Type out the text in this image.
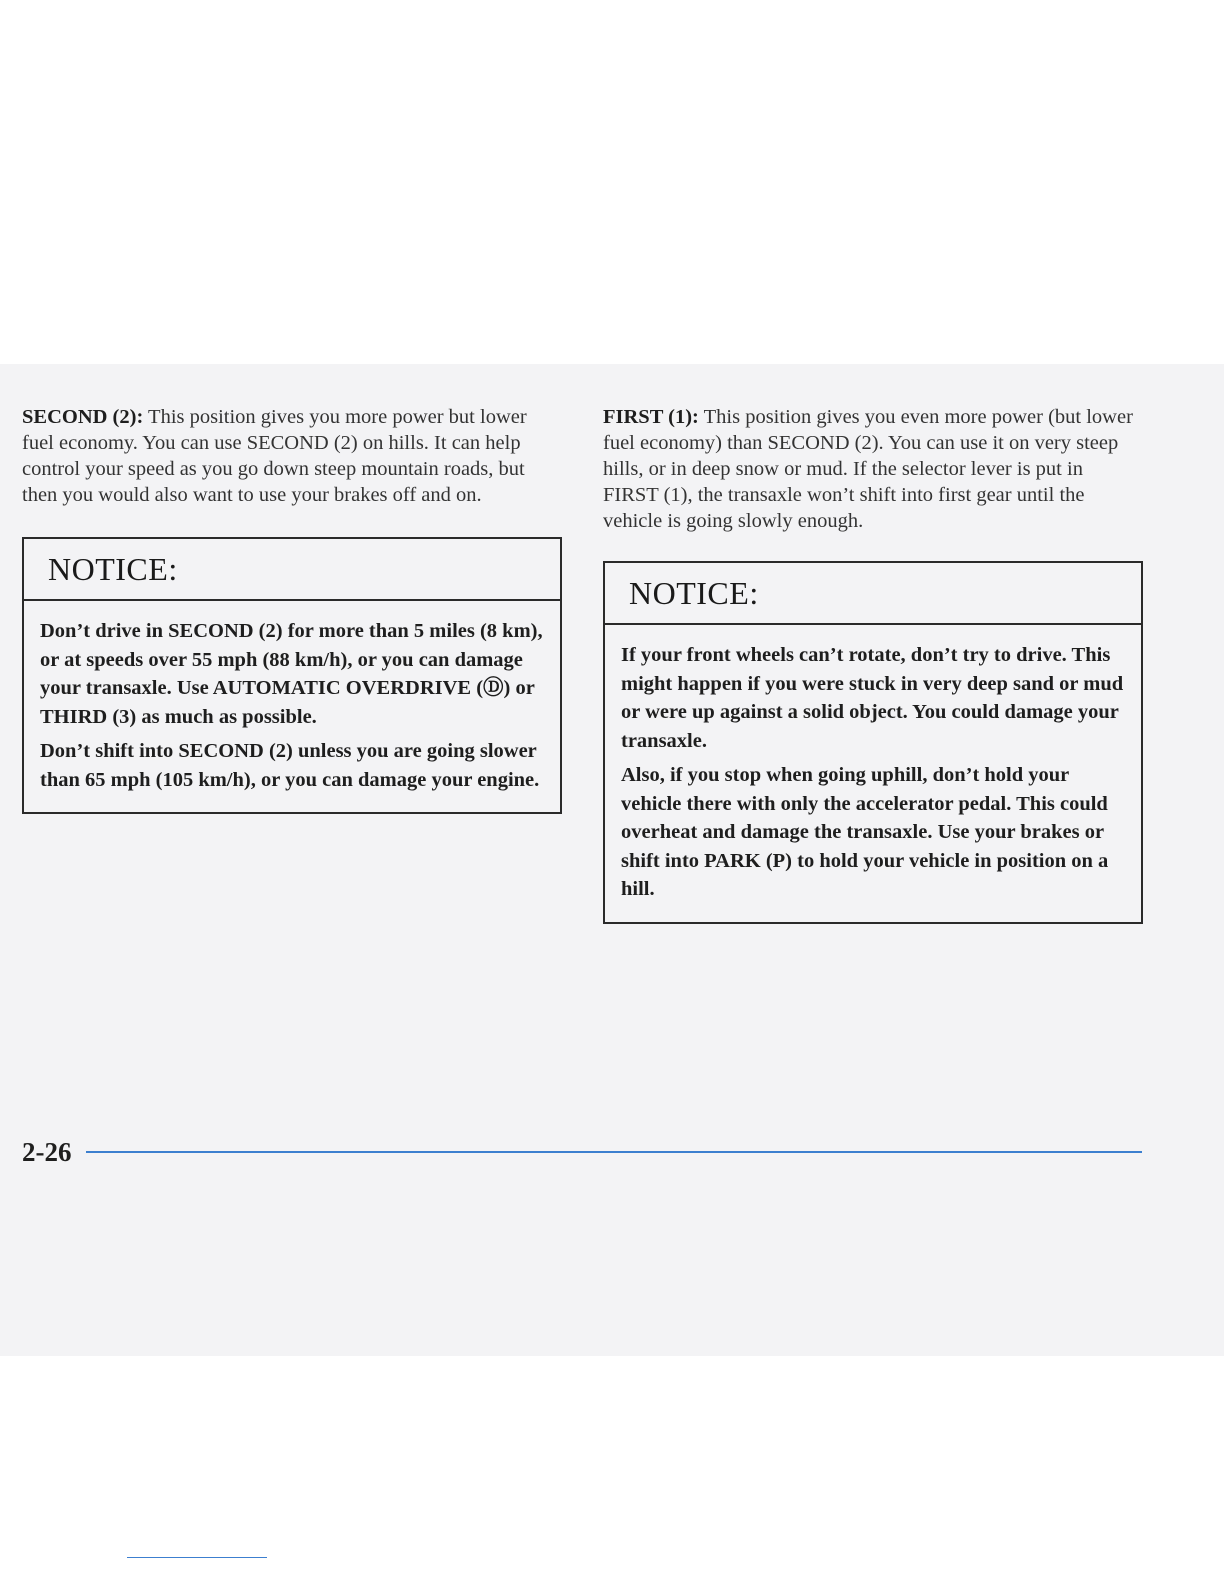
SECOND (2): This position gives you more power but lower fuel economy. You can use SECOND (2) on hills. It can help control your speed as you go down steep mountain roads, but then you would also want to use your brakes off and on.

NOTICE:

Don’t drive in SECOND (2) for more than 5 miles (8 km), or at speeds over 55 mph (88 km/h), or you can damage your transaxle. Use AUTOMATIC OVERDRIVE (Ⓓ) or THIRD (3) as much as possible.

Don’t shift into SECOND (2) unless you are going slower than 65 mph (105 km/h), or you can damage your engine.

FIRST (1): This position gives you even more power (but lower fuel economy) than SECOND (2). You can use it on very steep hills, or in deep snow or mud. If the selector lever is put in FIRST (1), the transaxle won’t shift into first gear until the vehicle is going slowly enough.

NOTICE:

If your front wheels can’t rotate, don’t try to drive. This might happen if you were stuck in very deep sand or mud or were up against a solid object. You could damage your transaxle.

Also, if you stop when going uphill, don’t hold your vehicle there with only the accelerator pedal. This could overheat and damage the transaxle. Use your brakes or shift into PARK (P) to hold your vehicle in position on a hill.

2-26
